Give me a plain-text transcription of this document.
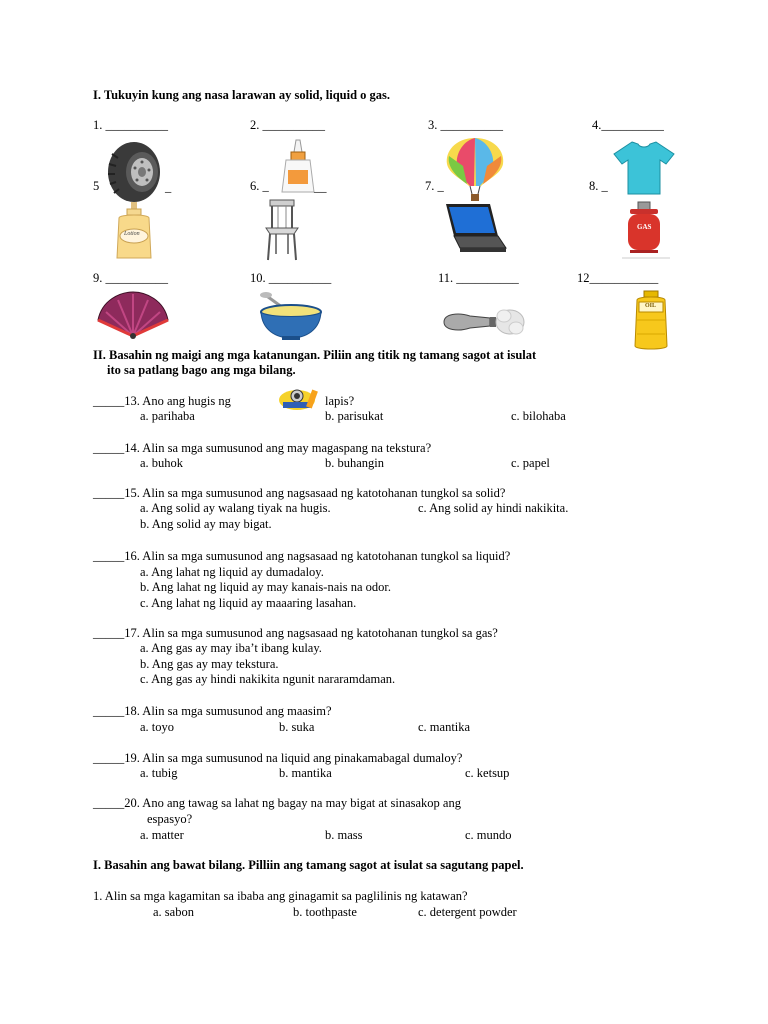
I. Tukuyin kung ang nasa larawan ay solid, liquid o gas.
1. __________	2. __________	3. __________	4.__________
5	_	6. _	__	7. _	8. _
Lotion
GAS
9. __________	10. __________	11. __________	12___________
OIL
II. Basahin ng maigi ang mga katanungan. Piliin ang titik ng tamang sagot at isulat
ito sa patlang bago ang mga bilang.
_____13. Ano ang hugis ng	lapis?
a. parihaba	b. parisukat	c. bilohaba
_____14. Alin sa mga sumusunod ang may magaspang na tekstura?
a. buhok	b. buhangin	c. papel
_____15. Alin sa mga sumusunod ang nagsasaad ng katotohanan tungkol sa solid?
a. Ang solid ay walang tiyak na hugis.	c. Ang solid ay hindi nakikita.
b. Ang solid ay may bigat.
_____16. Alin sa mga sumusunod ang nagsasaad ng katotohanan tungkol sa liquid?
a. Ang lahat ng liquid ay dumadaloy.
b. Ang lahat ng liquid ay may kanais-nais na odor.
c. Ang lahat ng liquid ay maaaring lasahan.
_____17. Alin sa mga sumusunod ang nagsasaad ng katotohanan tungkol sa gas?
a. Ang gas ay may iba’t ibang kulay.
b. Ang gas ay may tekstura.
c. Ang gas ay hindi nakikita ngunit nararamdaman.
_____18. Alin sa mga sumusunod ang maasim?
a. toyo	b. suka	c. mantika
_____19. Alin sa mga sumusunod na liquid ang pinakamabagal dumaloy?
a. tubig	b. mantika	c. ketsup
_____20. Ano ang tawag sa lahat ng bagay na may bigat at sinasakop ang
espasyo?
a. matter	b. mass	c. mundo
I. Basahin ang bawat bilang. Pilliin ang tamang sagot at isulat sa sagutang papel.
1. Alin sa mga kagamitan sa ibaba ang ginagamit sa paglilinis ng katawan?
a. sabon	b. toothpaste	c. detergent powder
